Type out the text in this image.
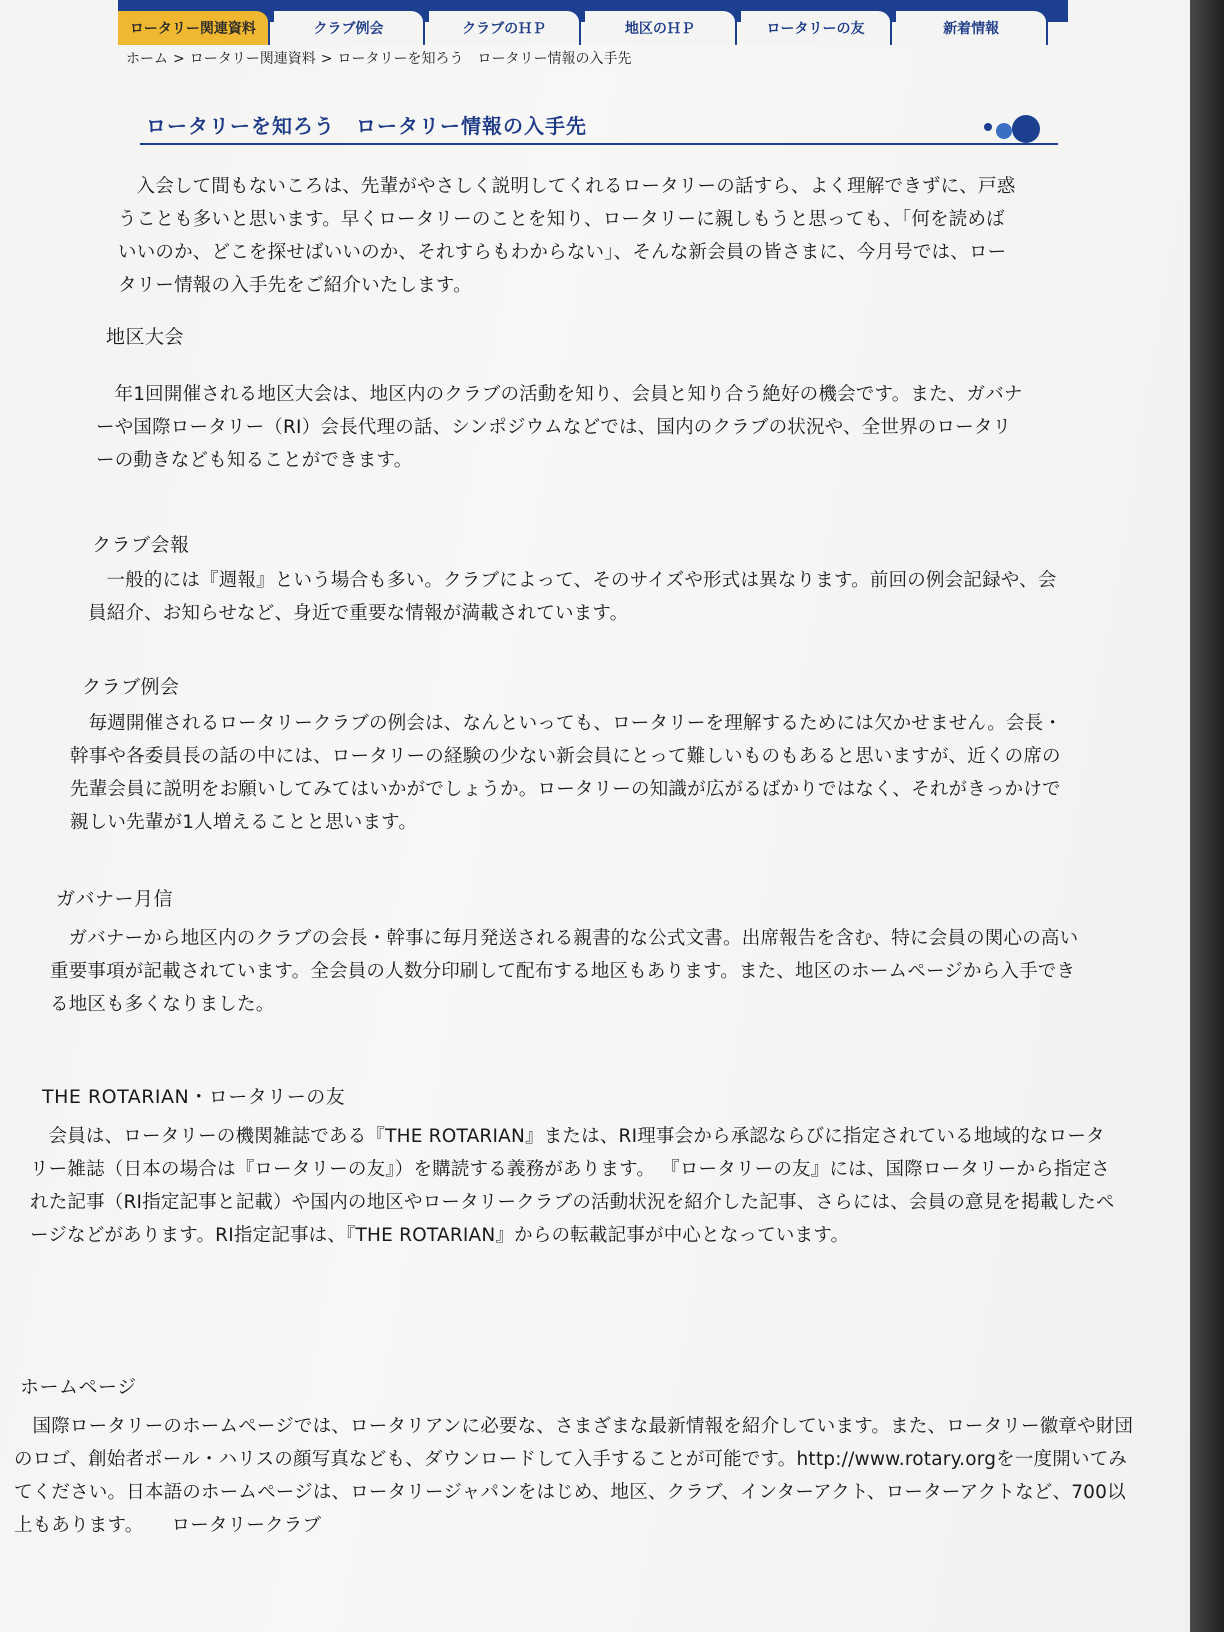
ロータリー関連資料	クラブ例会	クラブのＨＰ	地区のＨＰ	ロータリーの友	新着情報
ホーム > ロータリー関連資料 > ロータリーを知ろう　ロータリー情報の入手先
ロータリーを知ろう　ロータリー情報の入手先

入会して間もないころは、先輩がやさしく説明してくれるロータリーの話すら、よく理解できずに、戸惑うことも多いと思います。早くロータリーのことを知り、ロータリーに親しもうと思っても、「何を読めばいいのか、どこを探せばいいのか、それすらもわからない」、そんな新会員の皆さまに、今月号では、ロータリー情報の入手先をご紹介いたします。

地区大会

年1回開催される地区大会は、地区内のクラブの活動を知り、会員と知り合う絶好の機会です。また、ガバナーや国際ロータリー（RI）会長代理の話、シンポジウムなどでは、国内のクラブの状況や、全世界のロータリーの動きなども知ることができます。

クラブ会報

一般的には『週報』という場合も多い。クラブによって、そのサイズや形式は異なります。前回の例会記録や、会員紹介、お知らせなど、身近で重要な情報が満載されています。

クラブ例会

毎週開催されるロータリークラブの例会は、なんといっても、ロータリーを理解するためには欠かせません。会長・幹事や各委員長の話の中には、ロータリーの経験の少ない新会員にとって難しいものもあると思いますが、近くの席の先輩会員に説明をお願いしてみてはいかがでしょうか。ロータリーの知識が広がるばかりではなく、それがきっかけで親しい先輩が1人増えることと思います。

ガバナー月信

ガバナーから地区内のクラブの会長・幹事に毎月発送される親書的な公式文書。出席報告を含む、特に会員の関心の高い重要事項が記載されています。全会員の人数分印刷して配布する地区もあります。また、地区のホームページから入手できる地区も多くなりました。

THE ROTARIAN・ロータリーの友

会員は、ロータリーの機関雑誌である『THE ROTARIAN』または、RI理事会から承認ならびに指定されている地域的なロータリー雑誌（日本の場合は『ロータリーの友』）を購読する義務があります。 『ロータリーの友』には、国際ロータリーから指定された記事（RI指定記事と記載）や国内の地区やロータリークラブの活動状況を紹介した記事、さらには、会員の意見を掲載したページなどがあります。RI指定記事は、『THE ROTARIAN』からの転載記事が中心となっています。

ホームページ

国際ロータリーのホームページでは、ロータリアンに必要な、さまざまな最新情報を紹介しています。また、ロータリー徽章や財団のロゴ、創始者ポール・ハリスの顔写真なども、ダウンロードして入手することが可能です。http://www.rotary.orgを一度開いてみてください。日本語のホームページは、ロータリージャパンをはじめ、地区、クラブ、インターアクト、ローターアクトなど、700以上もあります。　　ロータリークラブ
